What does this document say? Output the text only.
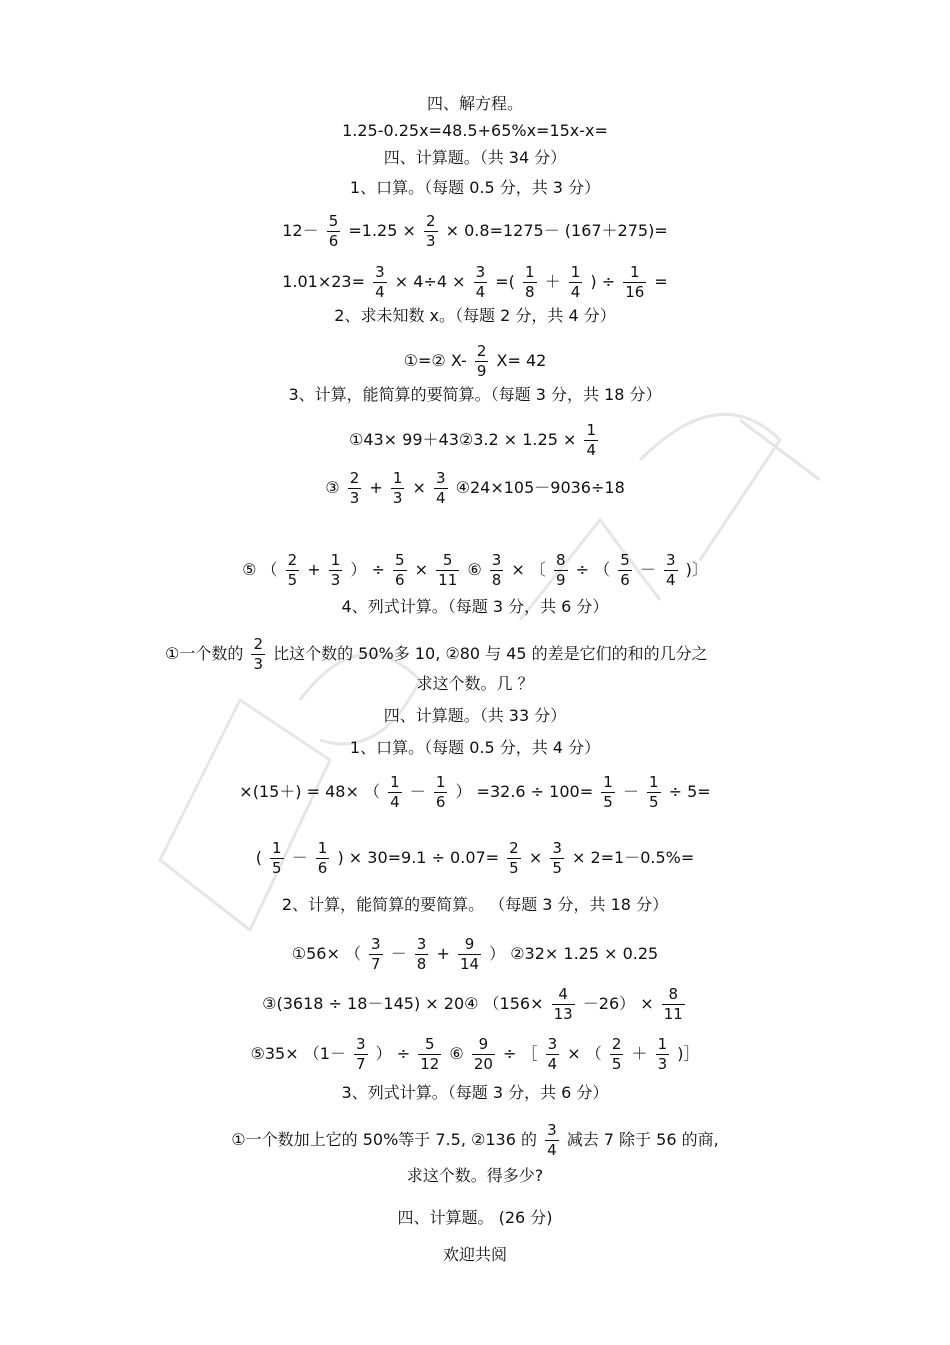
四、解方程。
1.25-0.25x=48.5+65%x=15x-x=
四、计算题。（共 34 分）
1、口算。（每题 0.5 分，共 3 分）
$12- \frac{5}{6} =1.25 \times \frac{2}{3} \times 0.8=1275- (167+275)=$
$1.01\times 23= \frac{3}{4} \times 4\div 4 \times \frac{3}{4}$ =( $\frac{1}{8} + \frac{1}{4}$ ) ÷ $\frac{1}{16}$ =
2、求未知数 x。（每题 2 分，共 4 分）
①=② $X- \frac{2}{9} X= 42$
3、计算，能简算的要简算。（每题 3 分，共 18 分）
①43× 99＋43②3.2 × $1.25 \times \frac{1}{4}$
③ $\frac{2}{3} + \frac{1}{3} \times \frac{3}{4}$ ④24×105－9036÷18
⑤ （ $\frac{2}{5} + \frac{1}{3}$ ） ÷ $\frac{5}{6} \times \frac{5}{11}$ ⑥ $\frac{3}{8}$ × 〔 $\frac{8}{9}$ ÷ （ $\frac{5}{6} - \frac{3}{4}$ )〕
4、列式计算。（每题 3 分，共 6 分）
①一个数的 $\frac{2}{3}$ 比这个数的 50%多 10, ②80 与 45 的差是它们的和的几分之
求这个数。几 ？
四、计算题。（共 33 分）
1、口算。（每题 0.5 分，共 4 分）
×(15＋) = 48× （ $\frac{1}{4} - \frac{1}{6}$ ） $=32.6 \div 100= \frac{1}{5} - \frac{1}{5} \div 5=$
( $\frac{1}{5} - \frac{1}{6}$ ) × $30=9.1 \div 0.07= \frac{2}{5} \times \frac{3}{5} \times 2=1-0.5\%=$
2、计算，能简算的要简算。 （每题 3 分，共 18 分）
①56× （ $\frac{3}{7} - \frac{3}{8} + \frac{9}{14}$ ） ②32× 1.25 × 0.25
③(3618 ÷ 18－145) × 20④ $(156\times \frac{4}{13} -26) \times \frac{8}{11}$
⑤35× （$1- \frac{3}{7}$ ） ÷ $\frac{5}{12}$ ⑥ $\frac{9}{20}$ ÷ ［ $\frac{3}{4}$ × （ $\frac{2}{5} + \frac{1}{3}$ )］
3、列式计算。（每题 3 分，共 6 分）
①一个数加上它的 50%等于 7.5, ②136 的 $\frac{3}{4}$ 减去 7 除于 56 的商,
求这个数。得多少?
四、计算题。 (26 分)
欢迎共阅
